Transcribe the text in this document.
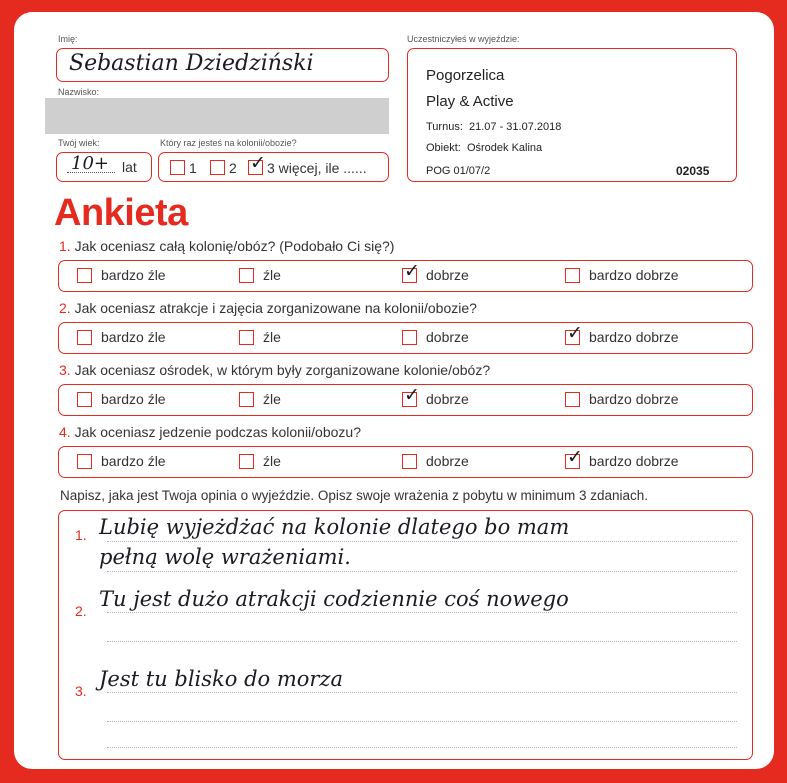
Imię:
Sebastian Dziedziński
Nazwisko:
Twój wiek:
10+ lat
Który raz jesteś na kolonii/obozie?
1 2 ✓ 3 więcej, ile ......
Uczestniczyłeś w wyjeździe:
Pogorzelica
Play & Active
Turnus:  21.07 - 31.07.2018
Obiekt:  Ośrodek Kalina
POG 01/07/2	02035
Ankieta
1. Jak oceniasz całą kolonię/obóz? (Podobało Ci się?)
bardzo źle	źle	✓ dobrze	bardzo dobrze
2. Jak oceniasz atrakcje i zajęcia zorganizowane na kolonii/obozie?
bardzo źle	źle	dobrze	✓ bardzo dobrze
3. Jak oceniasz ośrodek, w którym były zorganizowane kolonie/obóz?
bardzo źle	źle	✓ dobrze	bardzo dobrze
4. Jak oceniasz jedzenie podczas kolonii/obozu?
bardzo źle	źle	dobrze	✓ bardzo dobrze
Napisz, jaka jest Twoja opinia o wyjeździe. Opisz swoje wrażenia z pobytu w minimum 3 zdaniach.
1. Lubię wyjeżdżać na kolonie dlatego bo mam
pełną wolę wrażeniami.
2. Tu jest dużo atrakcji codziennie coś nowego
3. Jest tu blisko do morza
